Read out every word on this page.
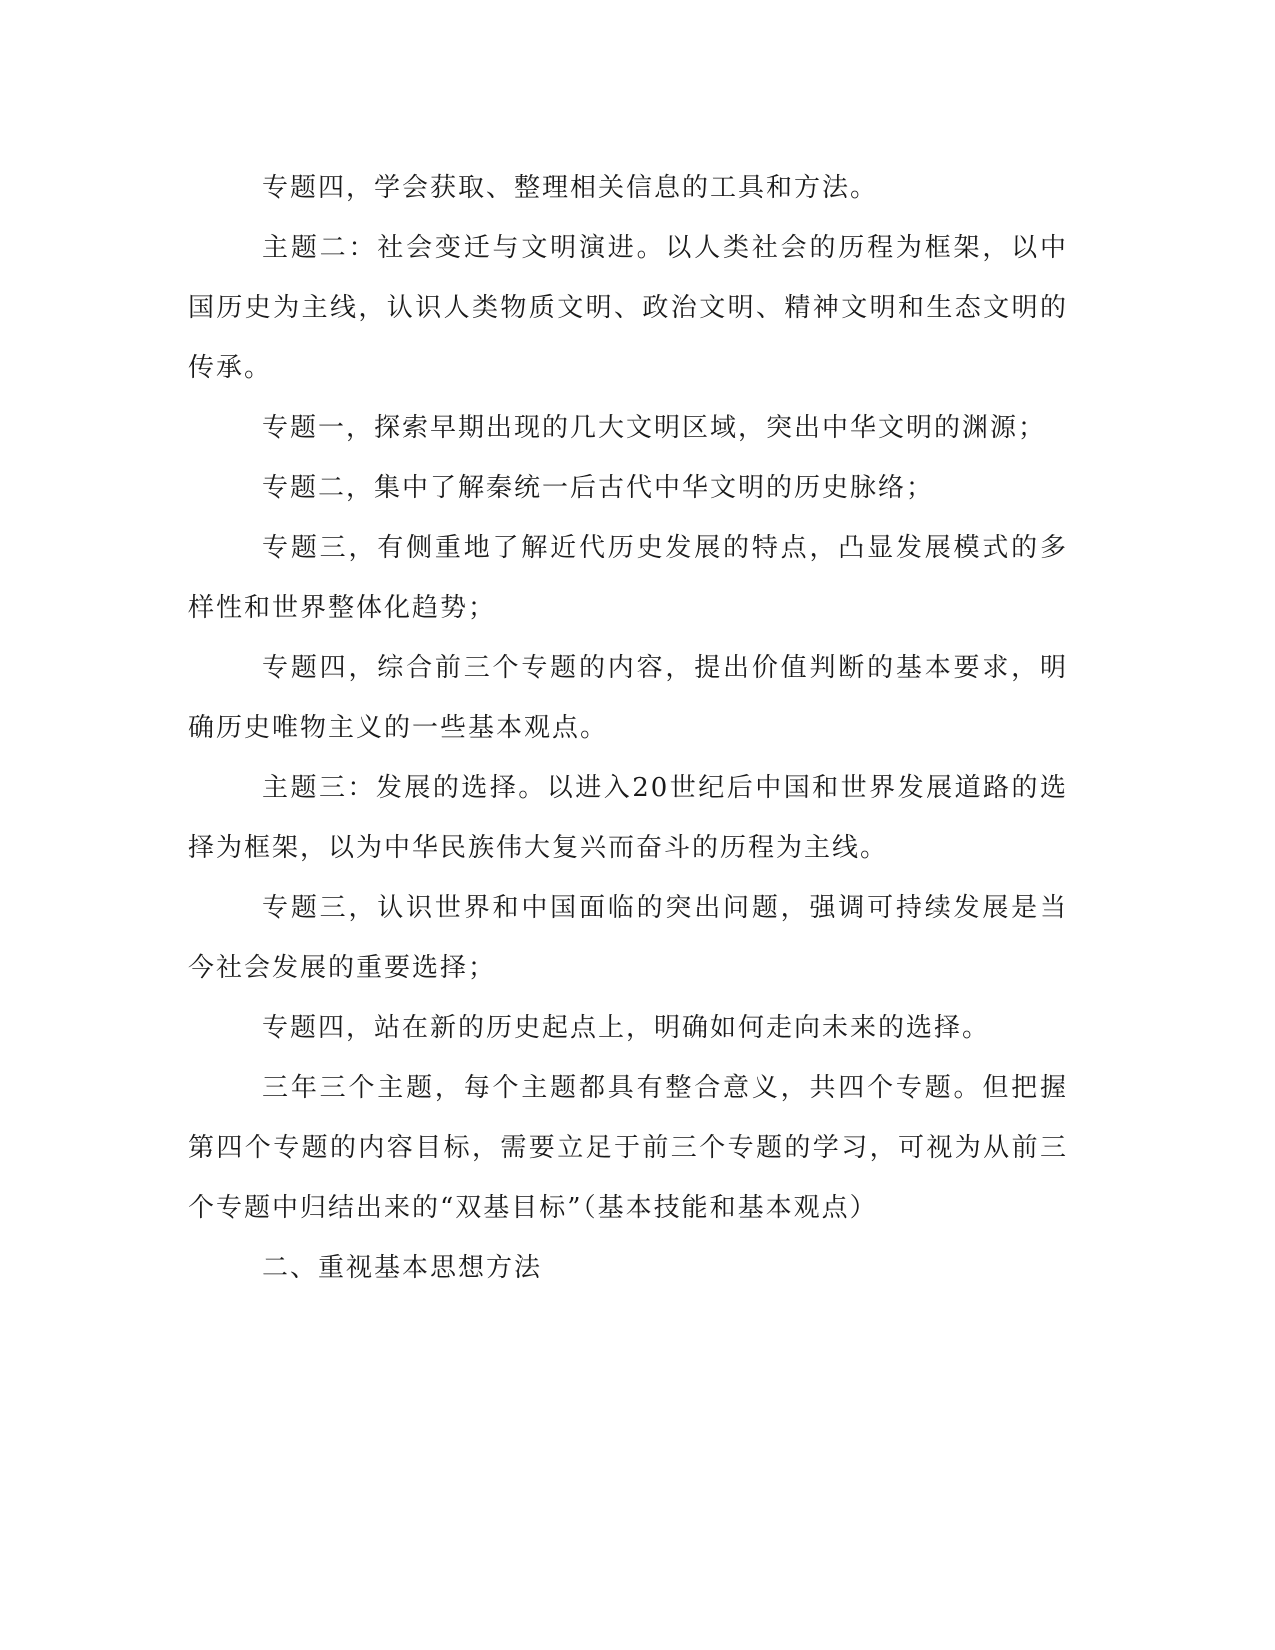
专题四，学会获取、整理相关信息的工具和方法。

主题二：社会变迁与文明演进。以人类社会的历程为框架，以中国历史为主线，认识人类物质文明、政治文明、精神文明和生态文明的传承。

专题一，探索早期出现的几大文明区域，突出中华文明的渊源；

专题二，集中了解秦统一后古代中华文明的历史脉络；

专题三，有侧重地了解近代历史发展的特点，凸显发展模式的多样性和世界整体化趋势；

专题四，综合前三个专题的内容，提出价值判断的基本要求，明确历史唯物主义的一些基本观点。

主题三：发展的选择。以进入20世纪后中国和世界发展道路的选择为框架，以为中华民族伟大复兴而奋斗的历程为主线。

专题三，认识世界和中国面临的突出问题，强调可持续发展是当今社会发展的重要选择；

专题四，站在新的历史起点上，明确如何走向未来的选择。

三年三个主题，每个主题都具有整合意义，共四个专题。但把握第四个专题的内容目标，需要立足于前三个专题的学习，可视为从前三个专题中归结出来的“双基目标”（基本技能和基本观点）

二、重视基本思想方法
